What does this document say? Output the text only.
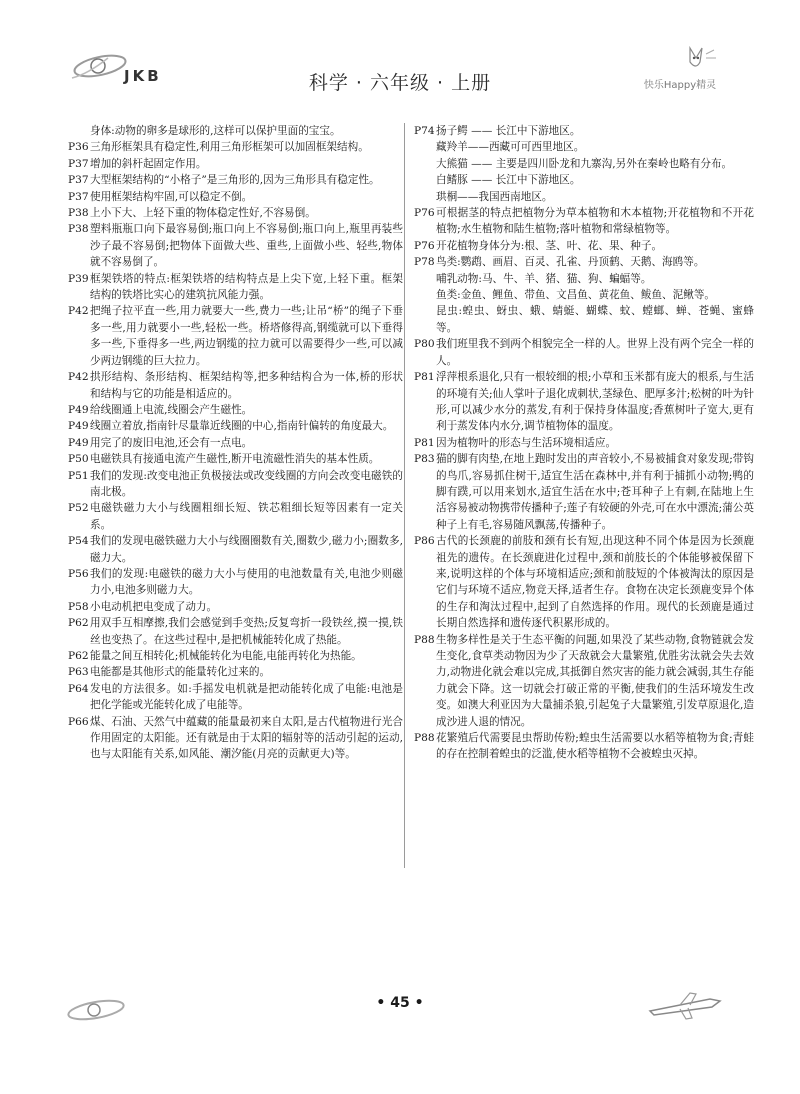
JKB	科学 · 六年级 · 上册	快乐Happy精灵
身体:动物的卵多是球形的,这样可以保护里面的宝宝。
P36 三角形框架具有稳定性,利用三角形框架可以加固框架结构。
P37 增加的斜杆起固定作用。
P37 大型框架结构的“小格子”是三角形的,因为三角形具有稳定性。
P37 使用框架结构牢固,可以稳定不倒。
P38 上小下大、上轻下重的物体稳定性好,不容易倒。
P38 塑料瓶瓶口向下最容易倒;瓶口向上不容易倒;瓶口向上,瓶里再装些沙子最不容易倒;把物体下面做大些、重些,上面做小些、轻些,物体就不容易倒了。
P39 框架铁塔的特点:框架铁塔的结构特点是上尖下宽,上轻下重。框架结构的铁塔比实心的建筑抗风能力强。
P42 把绳子拉平直一些,用力就要大一些,费力一些;让吊“桥”的绳子下垂多一些,用力就要小一些,轻松一些。桥塔修得高,钢缆就可以下垂得多一些,下垂得多一些,两边钢缆的拉力就可以需要得少一些,可以减少两边钢缆的巨大拉力。
P42 拱形结构、条形结构、框架结构等,把多种结构合为一体,桥的形状和结构与它的功能是相适应的。
P49 给线圈通上电流,线圈会产生磁性。
P49 线圈立着放,指南针尽量靠近线圈的中心,指南针偏转的角度最大。
P49 用完了的废旧电池,还会有一点电。
P50 电磁铁具有接通电流产生磁性,断开电流磁性消失的基本性质。
P51 我们的发现:改变电池正负极接法或改变线圈的方向会改变电磁铁的南北极。
P52 电磁铁磁力大小与线圈粗细长短、铁芯粗细长短等因素有一定关系。
P54 我们的发现电磁铁磁力大小与线圈圈数有关,圈数少,磁力小;圈数多,磁力大。
P56 我们的发现:电磁铁的磁力大小与使用的电池数量有关,电池少则磁力小,电池多则磁力大。
P58 小电动机把电变成了动力。
P62 用双手互相摩擦,我们会感觉到手变热;反复弯折一段铁丝,摸一摸,铁丝也变热了。在这些过程中,是把机械能转化成了热能。
P62 能量之间互相转化;机械能转化为电能,电能再转化为热能。
P63 电能都是其他形式的能量转化过来的。
P64 发电的方法很多。如:手摇发电机就是把动能转化成了电能:电池是把化学能或光能转化成了电能等。
P66 煤、石油、天然气中蕴藏的能量最初来自太阳,是古代植物进行光合作用固定的太阳能。还有就是由于太阳的辐射等的活动引起的运动,也与太阳能有关系,如风能、潮汐能(月亮的贡献更大)等。
P74 扬子鳄 —— 长江中下游地区。
藏羚羊——西藏可可西里地区。
大熊猫 —— 主要是四川卧龙和九寨沟,另外在秦岭也略有分布。
白鳍豚 —— 长江中下游地区。
珙桐——我国西南地区。
P76 可根据茎的特点把植物分为草本植物和木本植物;开花植物和不开花植物;水生植物和陆生植物;落叶植物和常绿植物等。
P76 开花植物身体分为:根、茎、叶、花、果、种子。
P78 鸟类:鹦鹉、画眉、百灵、孔雀、丹顶鹤、天鹅、海鸥等。
哺乳动物:马、牛、羊、猪、猫、狗、蝙蝠等。
鱼类:金鱼、鲤鱼、带鱼、文昌鱼、黄花鱼、鲅鱼、泥鳅等。
昆虫:蝗虫、蚜虫、蛾、蜻蜓、蝴蝶、蚊、螳螂、蝉、苍蝇、蜜蜂等。
P80 我们班里我不到两个相貌完全一样的人。世界上没有两个完全一样的人。
P81 浮萍根系退化,只有一根较细的根;小草和玉米都有庞大的根系,与生活的环境有关;仙人掌叶子退化成刺状,茎绿色、肥厚多汁;松树的叶为针形,可以减少水分的蒸发,有利于保持身体温度;香蕉树叶子宽大,更有利于蒸发体内水分,调节植物体的温度。
P81 因为植物叶的形态与生活环境相适应。
P83 猫的脚有肉垫,在地上跑时发出的声音较小,不易被捕食对象发现;带钩的鸟爪,容易抓住树干,适宜生活在森林中,并有利于捕抓小动物;鸭的脚有蹼,可以用来划水,适宜生活在水中;苍耳种子上有刺,在陆地上生活容易被动物携带传播种子;莲子有较硬的外壳,可在水中漂流;蒲公英种子上有毛,容易随风飘荡,传播种子。
P86 古代的长颈鹿的前肢和颈有长有短,出现这种不同个体是因为长颈鹿祖先的遗传。在长颈鹿进化过程中,颈和前肢长的个体能够被保留下来,说明这样的个体与环境相适应;颈和前肢短的个体被淘汰的原因是它们与环境不适应,物竞天择,适者生存。食物在决定长颈鹿变异个体的生存和淘汰过程中,起到了自然选择的作用。现代的长颈鹿是通过长期自然选择和遗传逐代积累形成的。
P88 生物多样性是关于生态平衡的问题,如果没了某些动物,食物链就会发生变化,食草类动物因为少了天敌就会大量繁殖,优胜劣汰就会失去效力,动物进化就会难以完成,其抵御自然灾害的能力就会减弱,其生存能力就会下降。这一切就会打破正常的平衡,使我们的生活环境发生改变。如澳大利亚因为大量捕杀狼,引起兔子大量繁殖,引发草原退化,造成沙进人退的情况。
P88 花繁殖后代需要昆虫帮助传粉;蝗虫生活需要以水稻等植物为食;青蛙的存在控制着蝗虫的泛滥,使水稻等植物不会被蝗虫灭掉。
• 45 •
